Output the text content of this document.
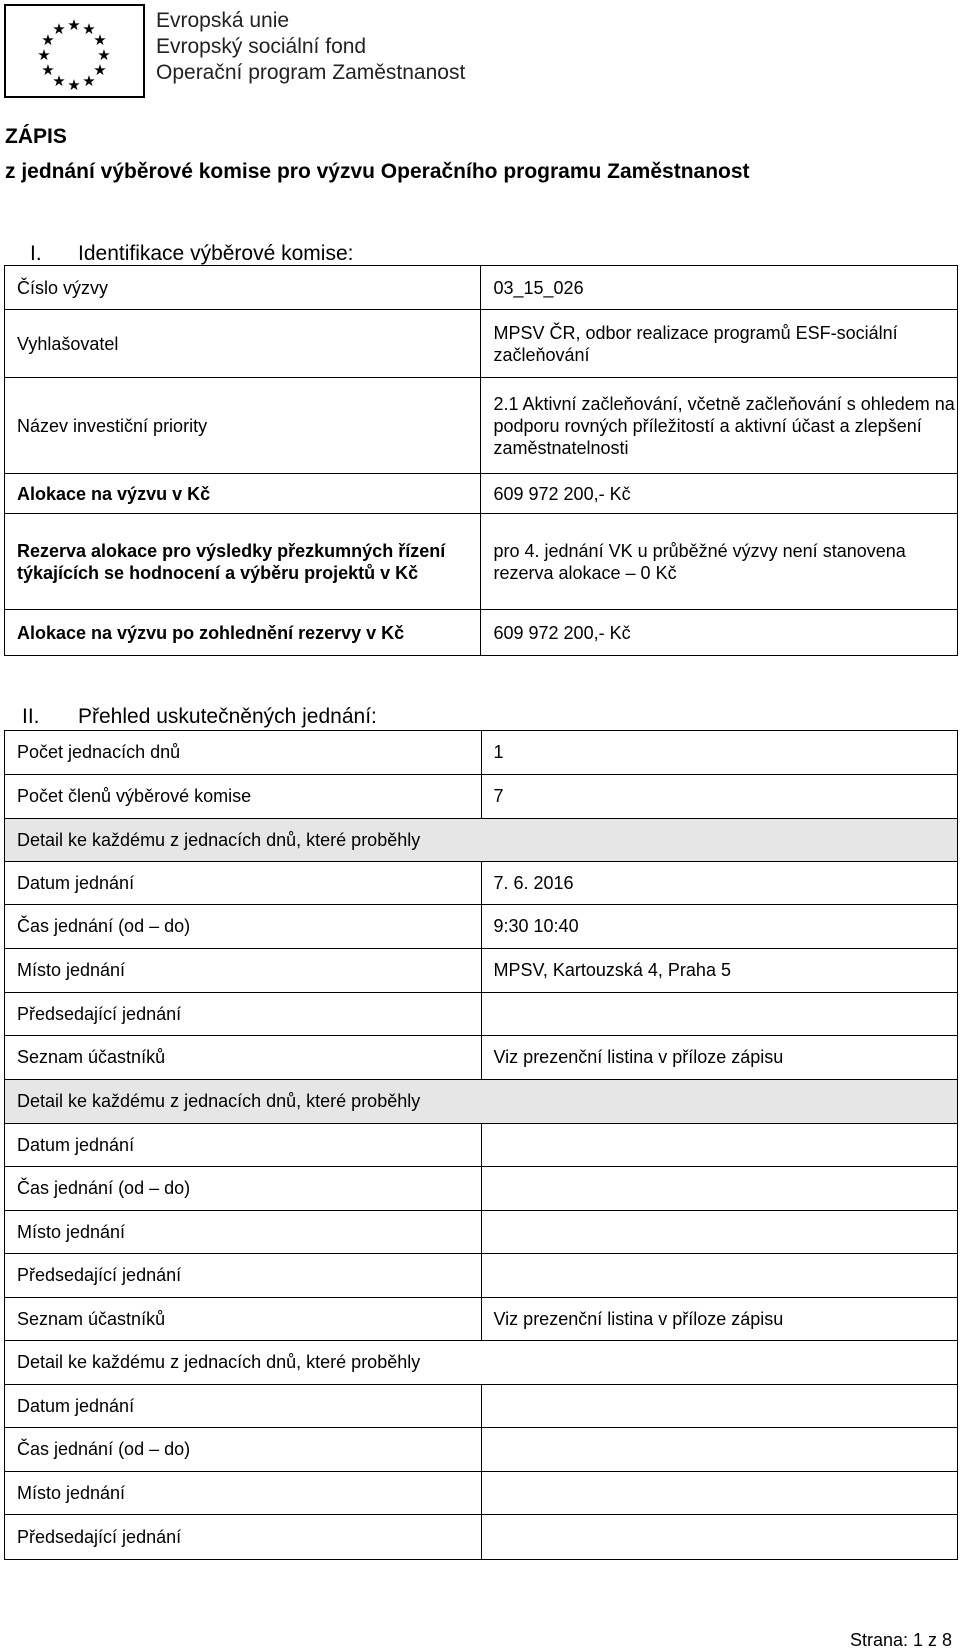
★ ★
★
★
★
★
★
★
★
★
★
★	Evropská unie
Evropský sociální fond
Operační program Zaměstnanost
ZÁPIS
z jednání výběrové komise pro výzvu Operačního programu Zaměstnanost
I. Identifikace výběrové komise:
Číslo výzvy	03_15_026
Vyhlašovatel	MPSV ČR, odbor realizace programů ESF-sociální začleňování
Název investiční priority	2.1 Aktivní začleňování, včetně začleňování s ohledem na podporu rovných příležitostí a aktivní účast a zlepšení zaměstnatelnosti
Alokace na výzvu v Kč	609 972 200,- Kč
Rezerva alokace pro výsledky přezkumných řízení týkajících se hodnocení a výběru projektů v Kč	pro 4. jednání VK u průběžné výzvy není stanovena rezerva alokace – 0 Kč
Alokace na výzvu po zohlednění rezervy v Kč	609 972 200,- Kč
II. Přehled uskutečněných jednání:
Počet jednacích dnů	1
Počet členů výběrové komise	7
Detail ke každému z jednacích dnů, které proběhly	
Datum jednání	7. 6. 2016
Čas jednání (od – do)	9:30 10:40
Místo jednání	MPSV, Kartouzská 4, Praha 5
Předsedající jednání	
Seznam účastníků	Viz prezenční listina v příloze zápisu
Detail ke každému z jednacích dnů, které proběhly	
Datum jednání	
Čas jednání (od – do)	
Místo jednání	
Předsedající jednání	
Seznam účastníků	Viz prezenční listina v příloze zápisu
Detail ke každému z jednacích dnů, které proběhly	
Datum jednání	
Čas jednání (od – do)	
Místo jednání	
Předsedající jednání	
Strana: 1 z 8
